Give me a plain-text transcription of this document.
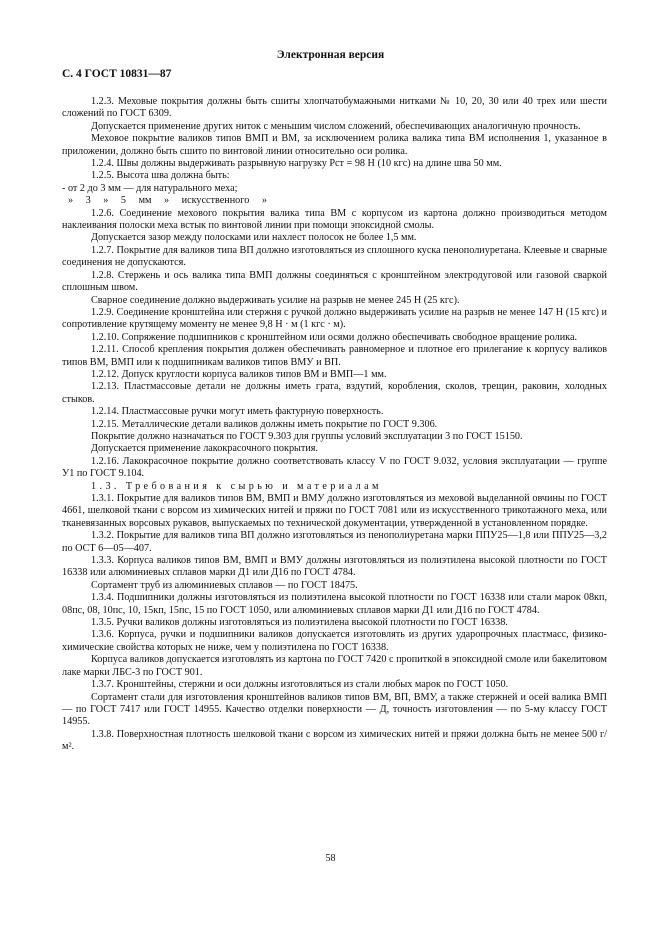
Электронная версия
С. 4 ГОСТ 10831—87

1.2.3. Меховые покрытия должны быть сшиты хлопчатобумажными нитками № 10, 20, 30 или 40 трех или шести сложений по ГОСТ 6309.

Допускается применение других ниток с меньшим числом сложений, обеспечивающих аналогичную прочность.

Меховое покрытие валиков типов ВМП и ВМ, за исключением ролика валика типа ВМ исполнения 1, указанное в приложении, должно быть сшито по винтовой линии относительно оси ролика.

1.2.4. Швы должны выдерживать разрывную нагрузку Pст = 98 Н (10 кгс) на длине шва 50 мм.

1.2.5. Высота шва должна быть:

- от 2 до 3 мм — для натурального меха;

» 3 » 5 мм » искусственного »

1.2.6. Соединение мехового покрытия валика типа ВМ с корпусом из картона должно производиться методом наклеивания полоски меха встык по винтовой линии при помощи эпоксидной смолы.

Допускается зазор между полосками или нахлест полосок не более 1,5 мм.

1.2.7. Покрытие для валиков типа ВП должно изготовляться из сплошного куска пенополиуретана. Клеевые и сварные соединения не допускаются.

1.2.8. Стержень и ось валика типа ВМП должны соединяться с кронштейном электродуговой или газовой сваркой сплошным швом.

Сварное соединение должно выдерживать усилие на разрыв не менее 245 Н (25 кгс).

1.2.9. Соединение кронштейна или стержня с ручкой должно выдерживать усилие на разрыв не менее 147 Н (15 кгс) и сопротивление крутящему моменту не менее 9,8 Н · м (1 кгс · м).

1.2.10. Сопряжение подшипников с кронштейном или осями должно обеспечивать свободное вращение ролика.

1.2.11. Способ крепления покрытия должен обеспечивать равномерное и плотное его прилегание к корпусу валиков типов ВМ, ВМП или к подшипникам валиков типов ВМУ и ВП.

1.2.12. Допуск круглости корпуса валиков типов ВМ и ВМП—1 мм.

1.2.13. Пластмассовые детали не должны иметь грата, вздутий, коробления, сколов, трещин, раковин, холодных стыков.

1.2.14. Пластмассовые ручки могут иметь фактурную поверхность.

1.2.15. Металлические детали валиков должны иметь покрытие по ГОСТ 9.306.

Покрытие должно назначаться по ГОСТ 9.303 для группы условий эксплуатации 3 по ГОСТ 15150.

Допускается применение лакокрасочного покрытия.

1.2.16. Лакокрасочное покрытие должно соответствовать классу V по ГОСТ 9.032, условия эксплуатации — группе У1 по ГОСТ 9.104.

1.3. Требования к сырью и материалам

1.3.1. Покрытие для валиков типов ВМ, ВМП и ВМУ должно изготовляться из меховой выделанной овчины по ГОСТ 4661, шелковой ткани с ворсом из химических нитей и пряжи по ГОСТ 7081 или из искусственного трикотажного меха, или тканевязанных ворсовых рукавов, выпускаемых по технической документации, утвержденной в установленном порядке.

1.3.2. Покрытие для валиков типа ВП должно изготовляться из пенополиуретана марки ППУ25—1,8 или ППУ25—3,2 по ОСТ 6—05—407.

1.3.3. Корпуса валиков типов ВМ, ВМП и ВМУ должны изготовляться из полиэтилена высокой плотности по ГОСТ 16338 или алюминиевых сплавов марки Д1 или Д16 по ГОСТ 4784.

Сортамент труб из алюминиевых сплавов — по ГОСТ 18475.

1.3.4. Подшипники должны изготовляться из полиэтилена высокой плотности по ГОСТ 16338 или стали марок 08кп, 08пс, 08, 10пс, 10, 15кп, 15пс, 15 по ГОСТ 1050, или алюминиевых сплавов марки Д1 или Д16 по ГОСТ 4784.

1.3.5. Ручки валиков должны изготовляться из полиэтилена высокой плотности по ГОСТ 16338.

1.3.6. Корпуса, ручки и подшипники валиков допускается изготовлять из других ударопрочных пластмасс, физико-химические свойства которых не ниже, чем у полиэтилена по ГОСТ 16338.

Корпуса валиков допускается изготовлять из картона по ГОСТ 7420 с пропиткой в эпоксидной смоле или бакелитовом лаке марки ЛБС-3 по ГОСТ 901.

1.3.7. Кронштейны, стержни и оси должны изготовляться из стали любых марок по ГОСТ 1050.

Сортамент стали для изготовления кронштейнов валиков типов ВМ, ВП, ВМУ, а также стержней и осей валика ВМП — по ГОСТ 7417 или ГОСТ 14955. Качество отделки поверхности — Д, точность изготовления — по 5-му классу ГОСТ 14955.

1.3.8. Поверхностная плотность шелковой ткани с ворсом из химических нитей и пряжи должна быть не менее 500 г/м².

58
